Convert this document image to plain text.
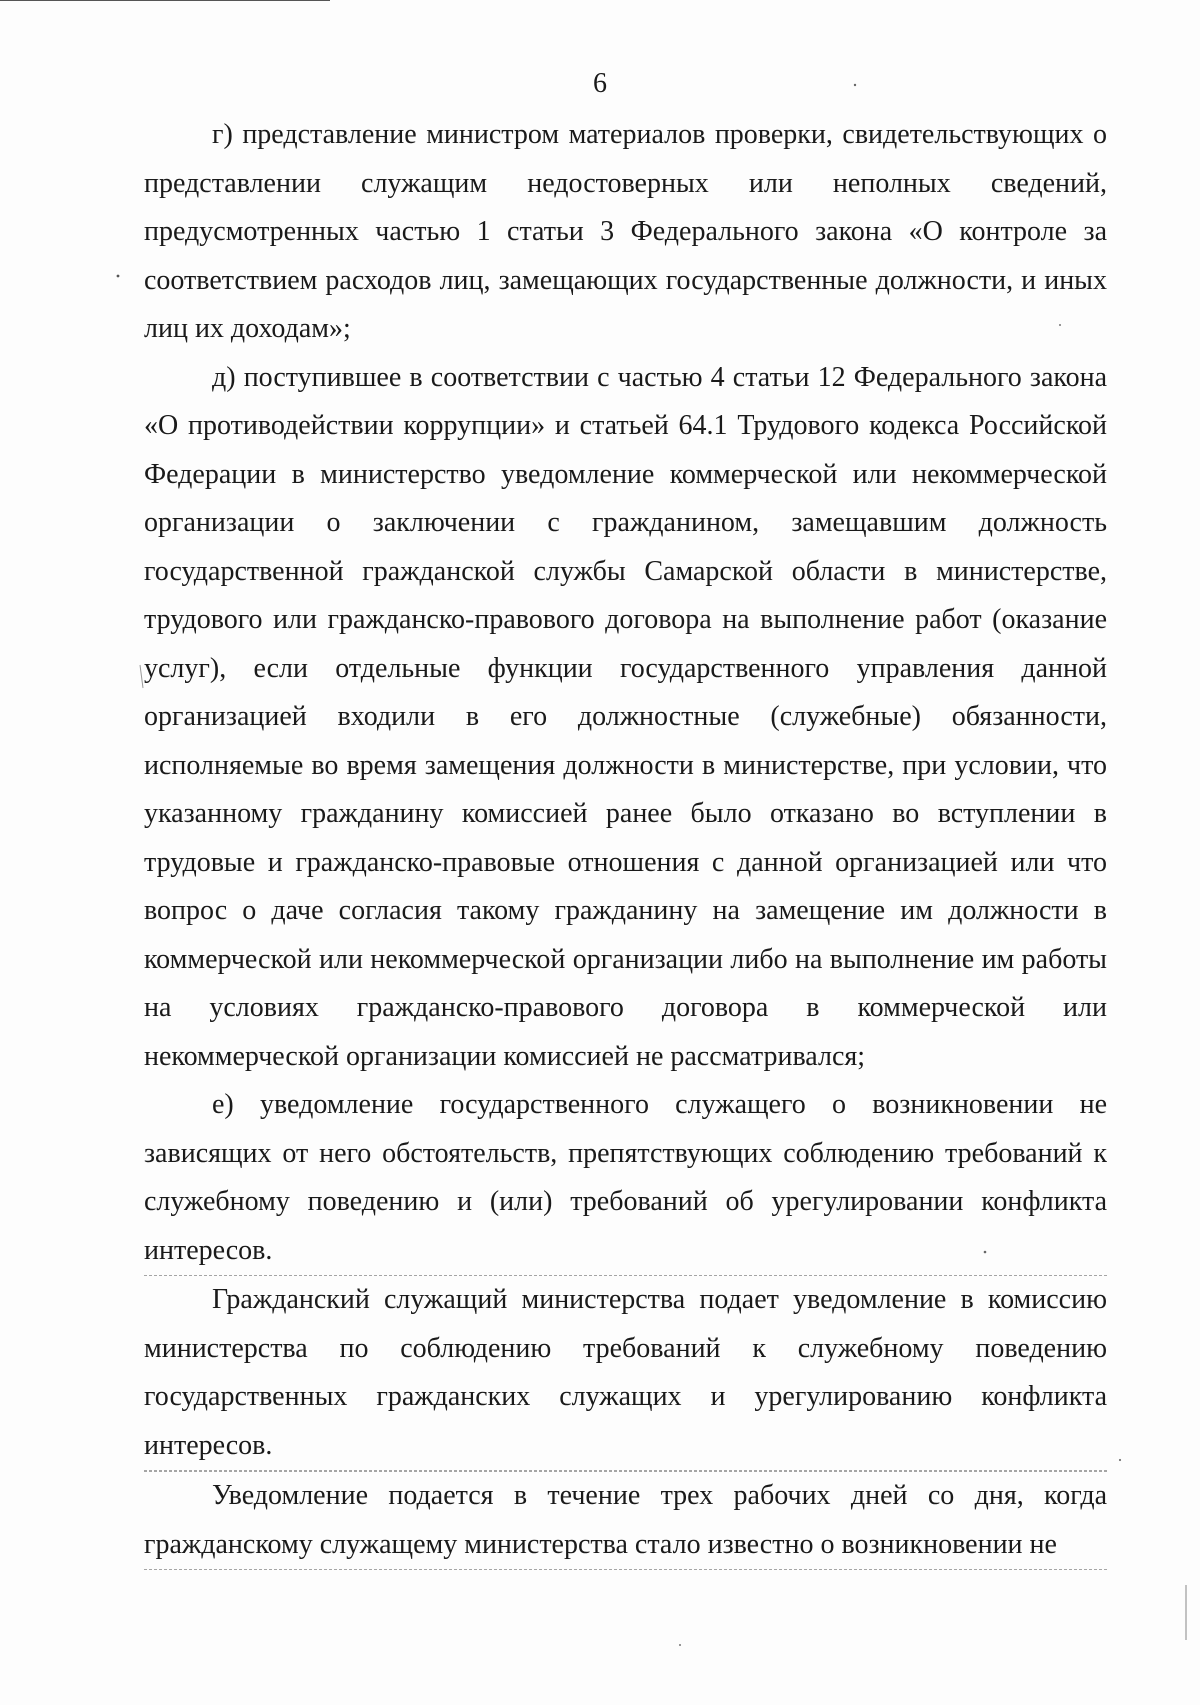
6

г) представление министром материалов проверки, свидетельствующих о представлении служащим недостоверных или неполных сведений, предусмотренных частью 1 статьи 3 Федерального закона «О контроле за соответствием расходов лиц, замещающих государственные должности, и иных лиц их доходам»;

д) поступившее в соответствии с частью 4 статьи 12 Федерального закона «О противодействии коррупции» и статьей 64.1 Трудового кодекса Российской Федерации в министерство уведомление коммерческой или некоммерческой организации о заключении с гражданином, замещавшим должность государственной гражданской службы Самарской области в министерстве, трудового или гражданско-правового договора на выполнение работ (оказание услуг), если отдельные функции государственного управления данной организацией входили в его должностные (служебные) обязанности, исполняемые во время замещения должности в министерстве, при условии, что указанному гражданину комиссией ранее было отказано во вступлении в трудовые и гражданско-правовые отношения с данной организацией или что вопрос о даче согласия такому гражданину на замещение им должности в коммерческой или некоммерческой организации либо на выполнение им работы на условиях гражданско-правового договора в коммерческой или некоммерческой организации комиссией не рассматривался;

е) уведомление государственного служащего о возникновении не зависящих от него обстоятельств, препятствующих соблюдению требований к служебному поведению и (или) требований об урегулировании конфликта интересов.

Гражданский служащий министерства подает уведомление в комиссию министерства по соблюдению требований к служебному поведению государственных гражданских служащих и урегулированию конфликта интересов.

Уведомление подается в течение трех рабочих дней со дня, когда гражданскому служащему министерства стало известно о возникновении не
